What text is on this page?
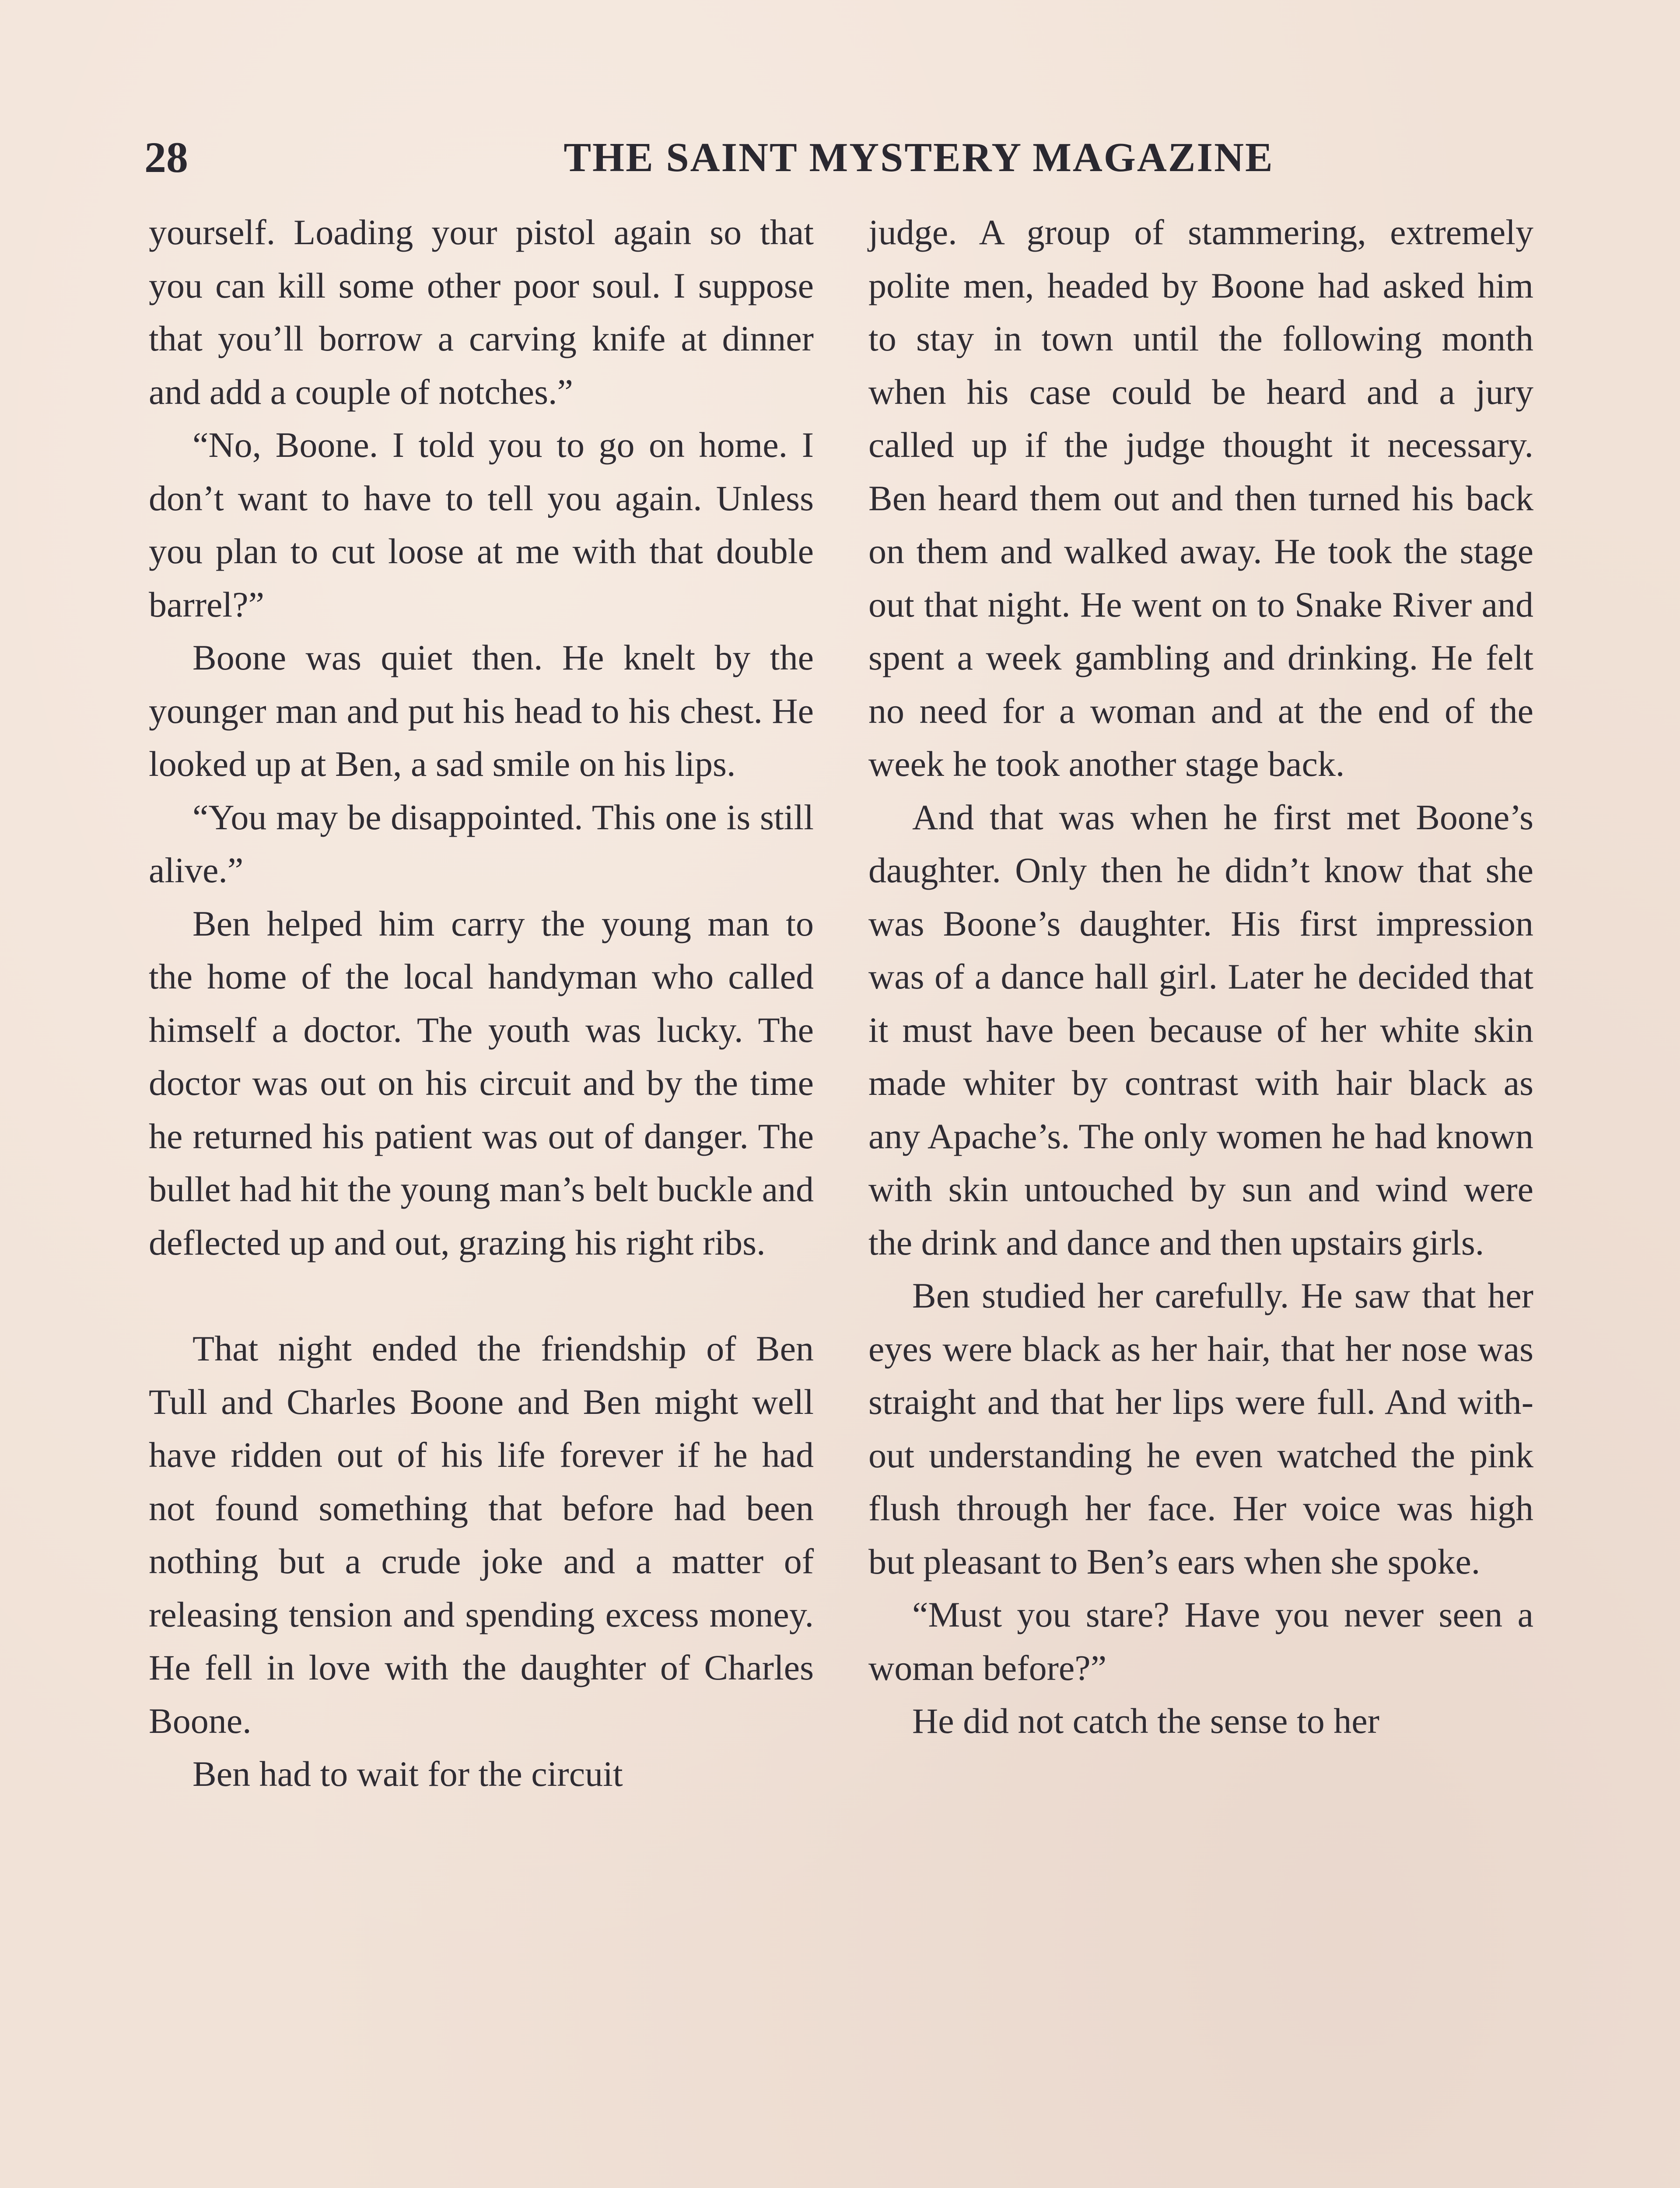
28	THE SAINT MYSTERY MAGAZINE

yourself. Loading your pistol again so that you can kill some other poor soul. I suppose that you’ll borrow a carving knife at dinner and add a couple of notches.”

“No, Boone. I told you to go on home. I don’t want to have to tell you again. Unless you plan to cut loose at me with that double barrel?”

Boone was quiet then. He knelt by the younger man and put his head to his chest. He looked up at Ben, a sad smile on his lips.

“You may be disappointed. This one is still alive.”

Ben helped him carry the young man to the home of the local handyman who called himself a doctor. The youth was lucky. The doctor was out on his circuit and by the time he returned his patient was out of danger. The bullet had hit the young man’s belt buckle and deflected up and out, grazing his right ribs.

That night ended the friendship of Ben Tull and Charles Boone and Ben might well have ridden out of his life forever if he had not found something that before had been nothing but a crude joke and a matter of releasing tension and spending excess money. He fell in love with the daughter of Charles Boone.

Ben had to wait for the circuit

judge. A group of stammering, extremely polite men, headed by Boone had asked him to stay in town until the following month when his case could be heard and a jury called up if the judge thought it necessary. Ben heard them out and then turned his back on them and walked away. He took the stage out that night. He went on to Snake River and spent a week gambling and drinking. He felt no need for a woman and at the end of the week he took another stage back.

And that was when he first met Boone’s daughter. Only then he didn’t know that she was Boone’s daughter. His first impression was of a dance hall girl. Later he decided that it must have been because of her white skin made whiter by contrast with hair black as any Apache’s. The only women he had known with skin untouched by sun and wind were the drink and dance and then upstairs girls.

Ben studied her carefully. He saw that her eyes were black as her hair, that her nose was straight and that her lips were full. And without understanding he even watched the pink flush through her face. Her voice was high but pleasant to Ben’s ears when she spoke.

“Must you stare? Have you never seen a woman before?”

He did not catch the sense to her
